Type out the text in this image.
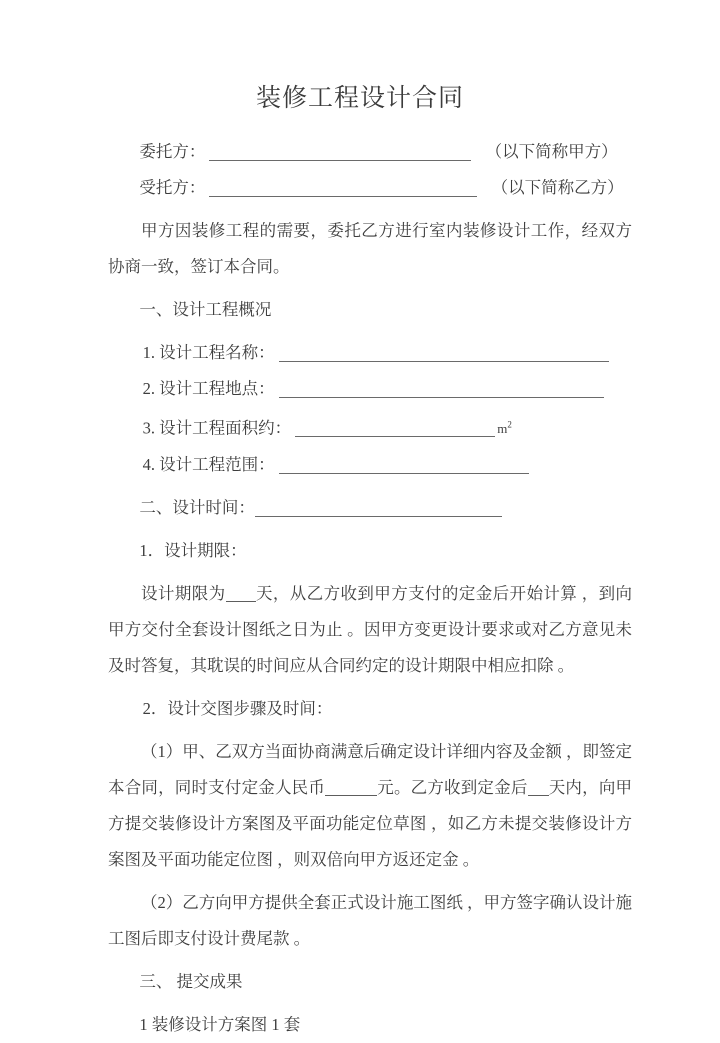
装修工程设计合同
委托方：	（以下简称甲方）
受托方：	（以下简称乙方）
甲方因装修工程的需要，委托乙方进行室内装修设计工作，经双方协商一致，签订本合同。
一、设计工程概况
1. 设计工程名称：
2. 设计工程地点：
3. 设计工程面积约：	$m^2$
4. 设计工程范围：
二、设计时间：
1．设计期限：
设计期限为 天，从乙方收到甲方支付的定金后开始计算 ，到向甲方交付全套设计图纸之日为止 。因甲方变更设计要求或对乙方意见未及时答复，其耽误的时间应从合同约定的设计期限中相应扣除 。
2．设计交图步骤及时间：
（1）甲、乙双方当面协商满意后确定设计详细内容及金额 ，即签定本合同，同时支付定金人民币	元。乙方收到定金后 天内，向甲方提交装修设计方案图及平面功能定位草图 ，如乙方未提交装修设计方案图及平面功能定位图 ，则双倍向甲方返还定金 。
（2）乙方向甲方提供全套正式设计施工图纸 ，甲方签字确认设计施工图后即支付设计费尾款 。
三、 提交成果
1 装修设计方案图 1 套
